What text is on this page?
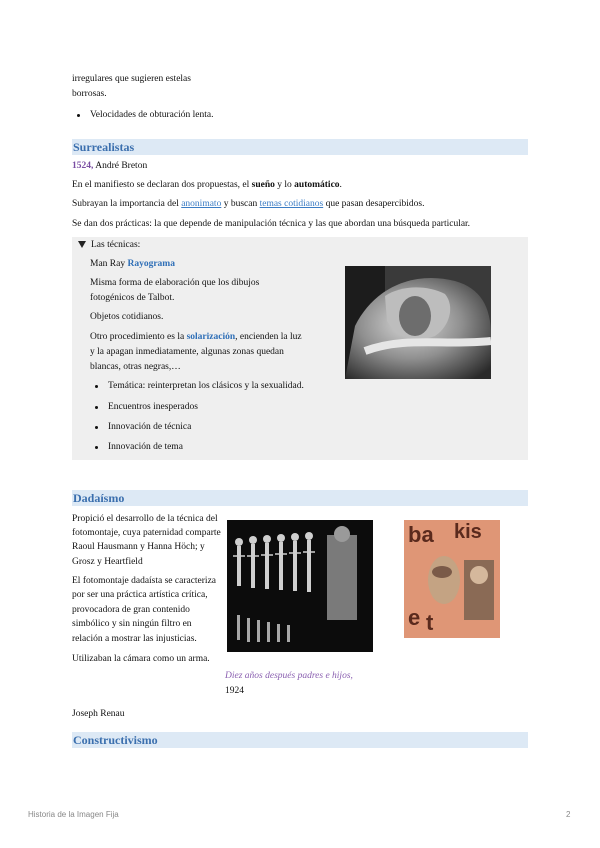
irregulares que sugieren estelas
borrosas.
Velocidades de obturación lenta.
Surrealistas
1524, André Breton
En el manifiesto se declaran dos propuestas, el sueño y lo automático.
Subrayan la importancia del anonimato y buscan temas cotidianos que pasan desapercibidos.
Se dan dos prácticas: la que depende de manipulación técnica y las que abordan una búsqueda particular.
Las técnicas:
Man Ray Rayograma
Misma forma de elaboración que los dibujos
fotogénicos de Talbot.
Objetos cotidianos.
Otro procedimiento es la solarización, encienden la luz
y la apagan inmediatamente, algunas zonas quedan
blancas, otras negras,…
Temática: reinterpretan los clásicos y la sexualidad.
Encuentros inesperados
Innovación de técnica
Innovación de tema
Dadaísmo
Propició el desarrollo de la técnica del
fotomontaje, cuya paternidad comparte
Raoul Hausmann y Hanna Höch; y
Grosz y Heartfield
El fotomontaje dadaísta se caracteriza
por ser una práctica artística crítica,
provocadora de gran contenido
simbólico y sin ningún filtro en
relación a mostrar las injusticias.
Utilizaban la cámara como un arma.
ba kis
e t
Diez años después padres e hijos,
1924
Joseph Renau
Constructivismo
Historia de la Imagen Fija	2
